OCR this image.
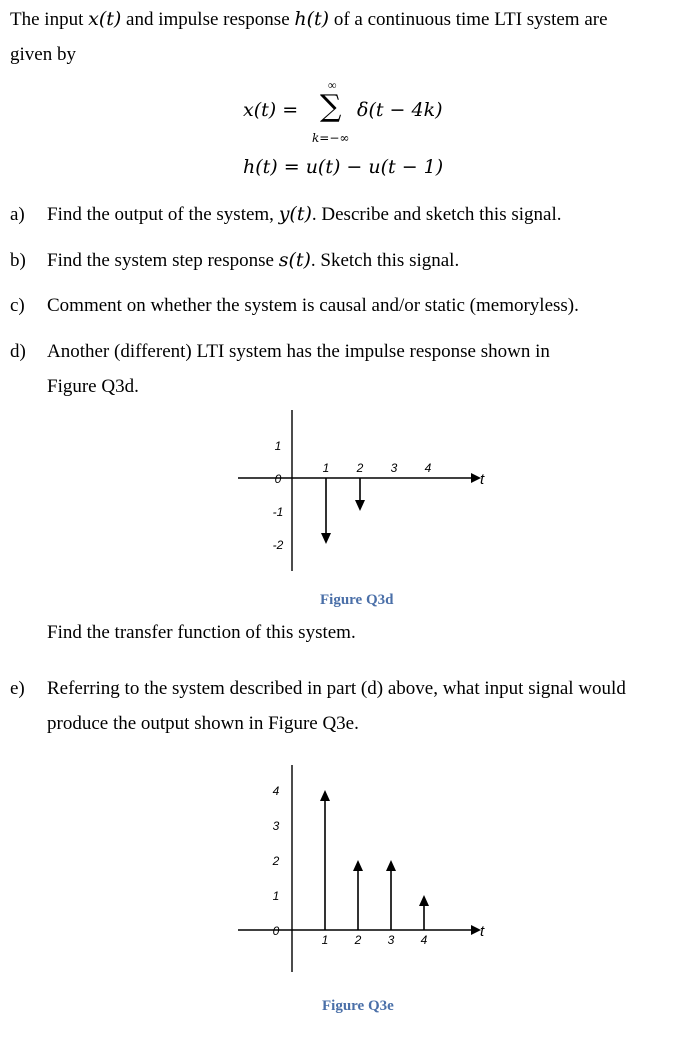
The input x(t) and impulse response h(t) of a continuous time LTI system are
given by
x(t) =
∞
∑
k=−∞
δ(t − 4k)
h(t) = u(t) − u(t − 1)
a) Find the output of the system, y(t). Describe and sketch this signal.
b) Find the system step response s(t). Sketch this signal.
c) Comment on whether the system is causal and/or static (memoryless).
d) Another (different) LTI system has the impulse response shown in
Figure Q3d.
1
0
-1
-2
1 2 3 4
t
Figure Q3d
Find the transfer function of this system.
e) Referring to the system described in part (d) above, what input signal would
produce the output shown in Figure Q3e.
4
3
2
1
0
1 2 3 4	t
Figure Q3e
